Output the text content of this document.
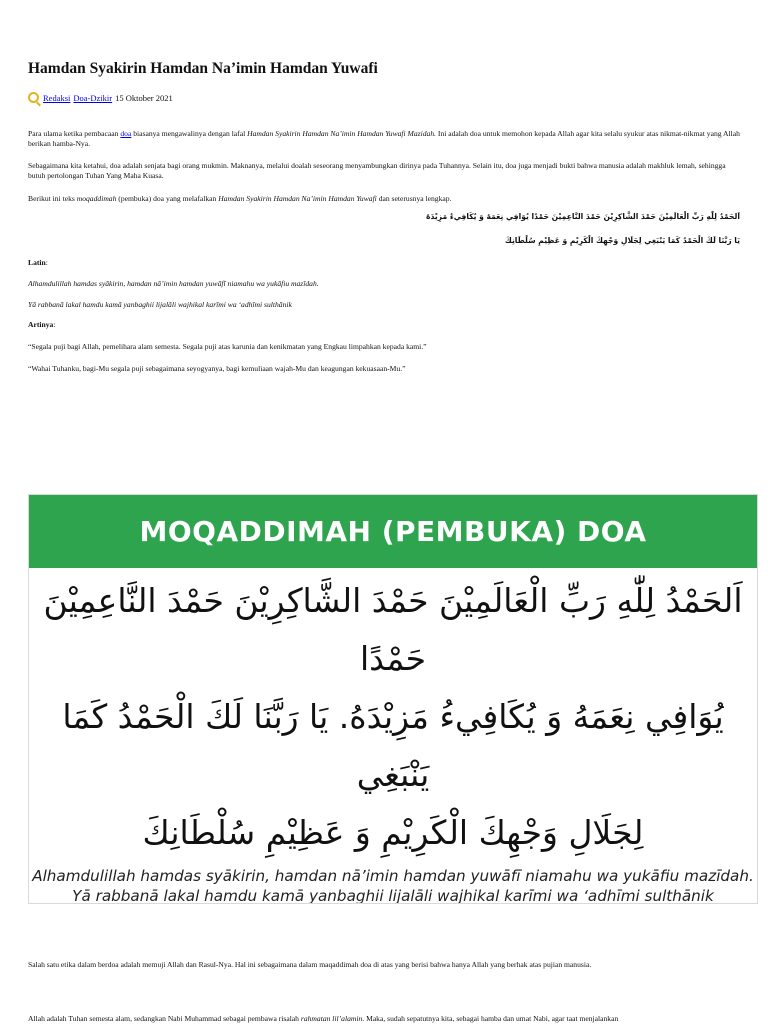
Hamdan Syakirin Hamdan Na’imin Hamdan Yuwafi
Redaksi Doa-Dzikir 15 Oktober 2021

Para ulama ketika pembacaan doa biasanya mengawalinya dengan lafal Hamdan Syakirin Hamdan Na’imin Hamdan Yuwafi Mazidah. Ini adalah doa untuk memohon kepada Allah agar kita selalu syukur atas nikmat-nikmat yang Allah berikan hamba-Nya.

Sebagaimana kita ketahui, doa adalah senjata bagi orang mukmin. Maknanya, melalui doalah seseorang menyambungkan dirinya pada Tuhannya. Selain itu, doa juga menjadi bukti bahwa manusia adalah makhluk lemah, sehingga butuh pertolongan Tuhan Yang Maha Kuasa.

Berikut ini teks moqaddimah (pembuka) doa yang melafalkan Hamdan Syakirin Hamdan Na’imin Hamdan Yuwafi dan seterusnya lengkap.

اَلحَمْدُ لِلّٰهِ رَبِّ الْعَالَمِيْنَ حَمْدَ الشَّاكِرِيْنَ حَمْدَ النَّاعِمِيْنَ حَمْدًا يُوَافِي نِعَمَهُ وَ يُكَافِيءُ مَزِيْدَهُ

يَا رَبَّنَا لَكَ الْحَمْدُ كَمَا يَنْبَغِي لِجَلَالِ وَجْهِكَ الْكَرِيْمِ وَ عَظِيْمِ سُلْطَانِكَ

Latin:

Alhamdulillah hamdas syākirin, hamdan nā’imin hamdan yuwāfī niamahu wa yukāfiu mazīdah.

Yā rabbanā lakal hamdu kamā yanbaghii lijalāli wajhikal karīmi wa ‘adhīmi sulthānik

Artinya:

“Segala puji bagi Allah, pemelihara alam semesta. Segala puji atas karunia dan kenikmatan yang Engkau limpahkan kepada kami.”

“Wahai Tuhanku, bagi-Mu segala puji sebagaimana seyogyanya, bagi kemuliaan wajah-Mu dan keagungan kekuasaan-Mu.”

MOQADDIMAH (PEMBUKA) DOA
اَلحَمْدُ لِلّٰهِ رَبِّ الْعَالَمِيْنَ حَمْدَ الشَّاكِرِيْنَ حَمْدَ النَّاعِمِيْنَ حَمْدًا
يُوَافِي نِعَمَهُ وَ يُكَافِيءُ مَزِيْدَهُ. يَا رَبَّنَا لَكَ الْحَمْدُ كَمَا يَنْبَغِي
لِجَلَالِ وَجْهِكَ الْكَرِيْمِ وَ عَظِيْمِ سُلْطَانِكَ
Alhamdulillah hamdas syākirin, hamdan nā’imin hamdan yuwāfī niamahu wa yukāfiu mazīdah.
Yā rabbanā lakal hamdu kamā yanbaghii lijalāli wajhikal karīmi wa ‘adhīmi sulthānik

Salah satu etika dalam berdoa adalah memuji Allah dan Rasul-Nya. Hal ini sebagaimana dalam maqaddimah doa di atas yang berisi bahwa hanya Allah yang berhak atas pujian manusia.

Allah adalah Tuhan semesta alam, sedangkan Nabi Muhammad sebagai pembawa risalah rahmatan lil’alamin. Maka, sudah sepatutnya kita, sebagai hamba dan umat Nabi, agar taat menjalankan
